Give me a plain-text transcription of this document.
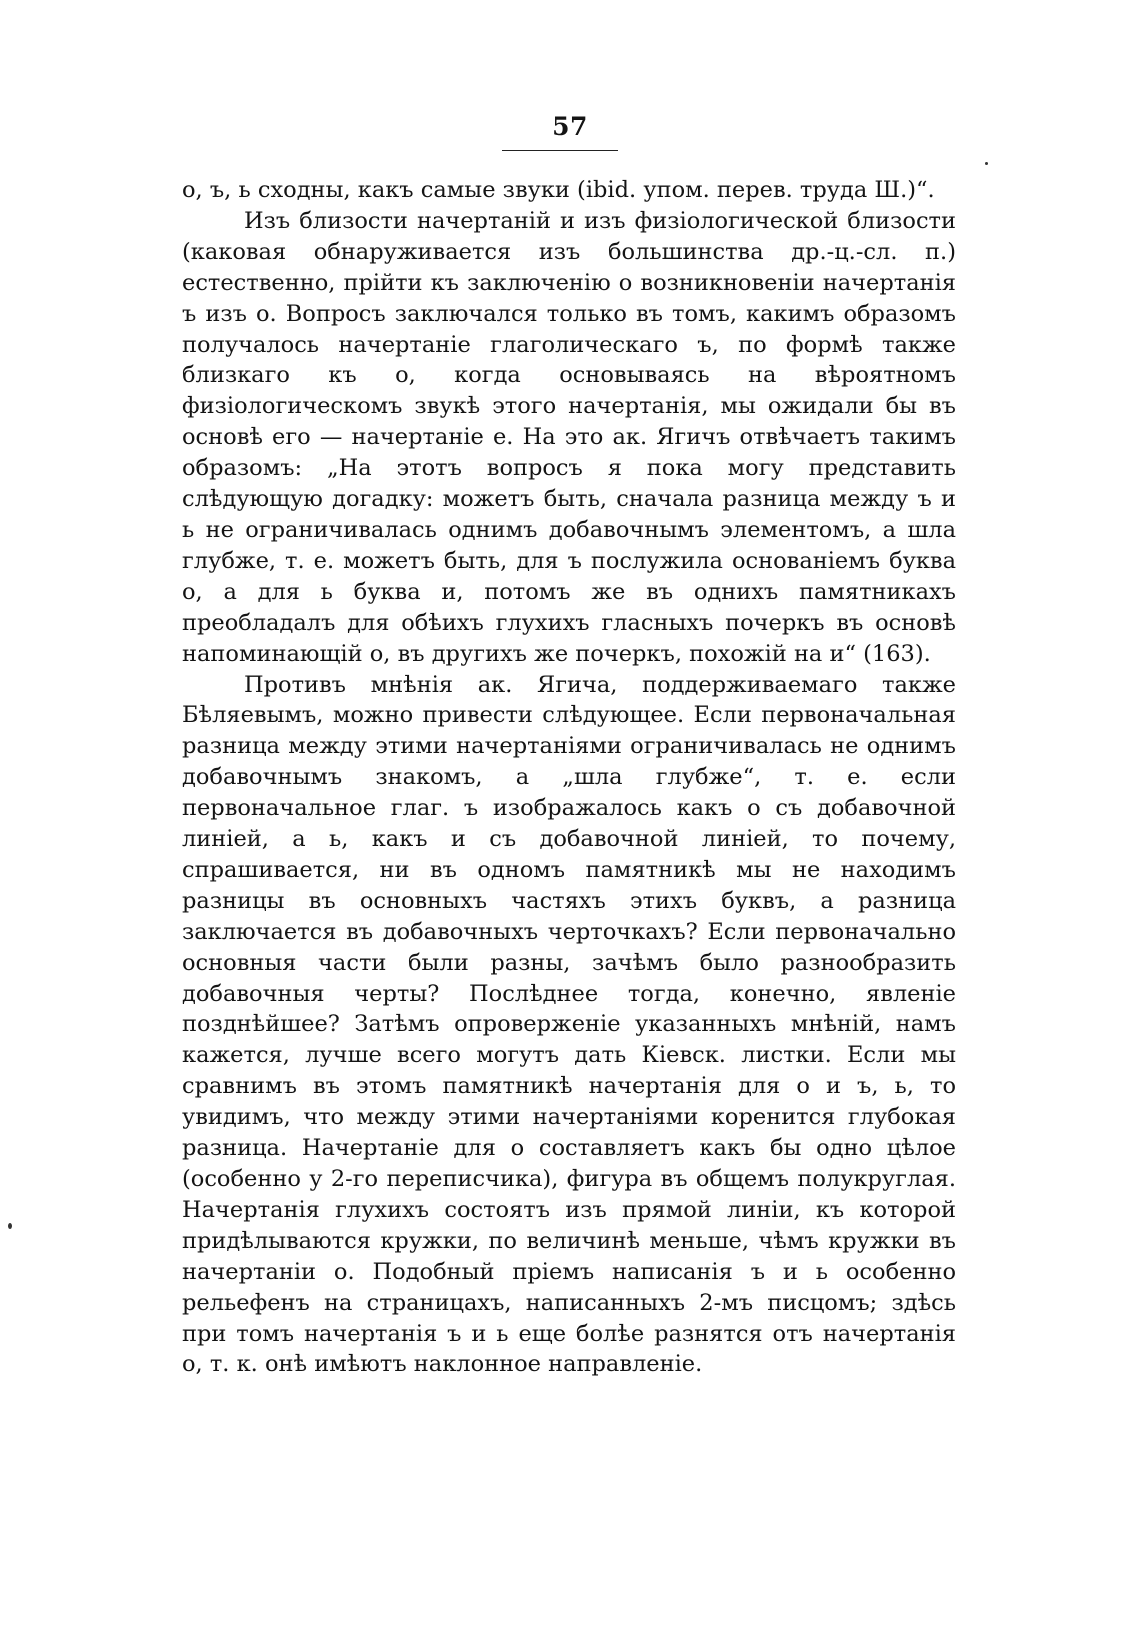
57

о, ъ, ь сходны, какъ самые звуки (ibid. упом. перев. труда Ш.)“.

Изъ близости начертаній и изъ физіологической близости (каковая обнаруживается изъ большинства др.-ц.-сл. п.) естественно, прійти къ заключенію о возникновеніи начертанія ъ изъ о. Вопросъ заключался только въ томъ, какимъ образомъ получалось начертаніе глаголическаго ъ, по формѣ также близкаго къ о, когда основываясь на вѣроятномъ физіологическомъ звукѣ этого начертанія, мы ожидали бы въ основѣ его — начертаніе е. На это ак. Ягичъ отвѣчаетъ такимъ образомъ: „На этотъ вопросъ я пока могу представить слѣдующую догадку: можетъ быть, сначала разница между ъ и ь не ограничивалась однимъ добавочнымъ элементомъ, а шла глубже, т. е. можетъ быть, для ъ послужила основаніемъ буква о, а для ь буква и, потомъ же въ однихъ памятникахъ преобладалъ для обѣихъ глухихъ гласныхъ почеркъ въ основѣ напоминающій о, въ другихъ же почеркъ, похожій на и“ (163).

Противъ мнѣнія ак. Ягича, поддерживаемаго также Бѣляевымъ, можно привести слѣдующее. Если первоначальная разница между этими начертаніями ограничивалась не однимъ добавочнымъ знакомъ, а „шла глубже“, т. е. если первоначальное глаг. ъ изображалось какъ о съ добавочной линіей, а ь, какъ и съ добавочной линіей, то почему, спрашивается, ни въ одномъ памятникѣ мы не находимъ разницы въ основныхъ частяхъ этихъ буквъ, а разница заключается въ добавочныхъ черточкахъ? Если первоначально основныя части были разны, зачѣмъ было разнообразить добавочныя черты? Послѣднее тогда, конечно, явленіе позднѣйшее? Затѣмъ опроверженіе указанныхъ мнѣній, намъ кажется, лучше всего могутъ дать Кіевск. листки. Если мы сравнимъ въ этомъ памятникѣ начертанія для о и ъ, ь, то увидимъ, что между этими начертаніями коренится глубокая разница. Начертаніе для о составляетъ какъ бы одно цѣлое (особенно у 2-го переписчика), фигура въ общемъ полукруглая. Начертанія глухихъ состоятъ изъ прямой линіи, къ которой придѣлываются кружки, по величинѣ меньше, чѣмъ кружки въ начертаніи о. Подобный пріемъ написанія ъ и ь особенно рельефенъ на страницахъ, написанныхъ 2-мъ писцомъ; здѣсь при томъ начертанія ъ и ь еще болѣе разнятся отъ начертанія о, т. к. онѣ имѣютъ наклонное направленіе.
